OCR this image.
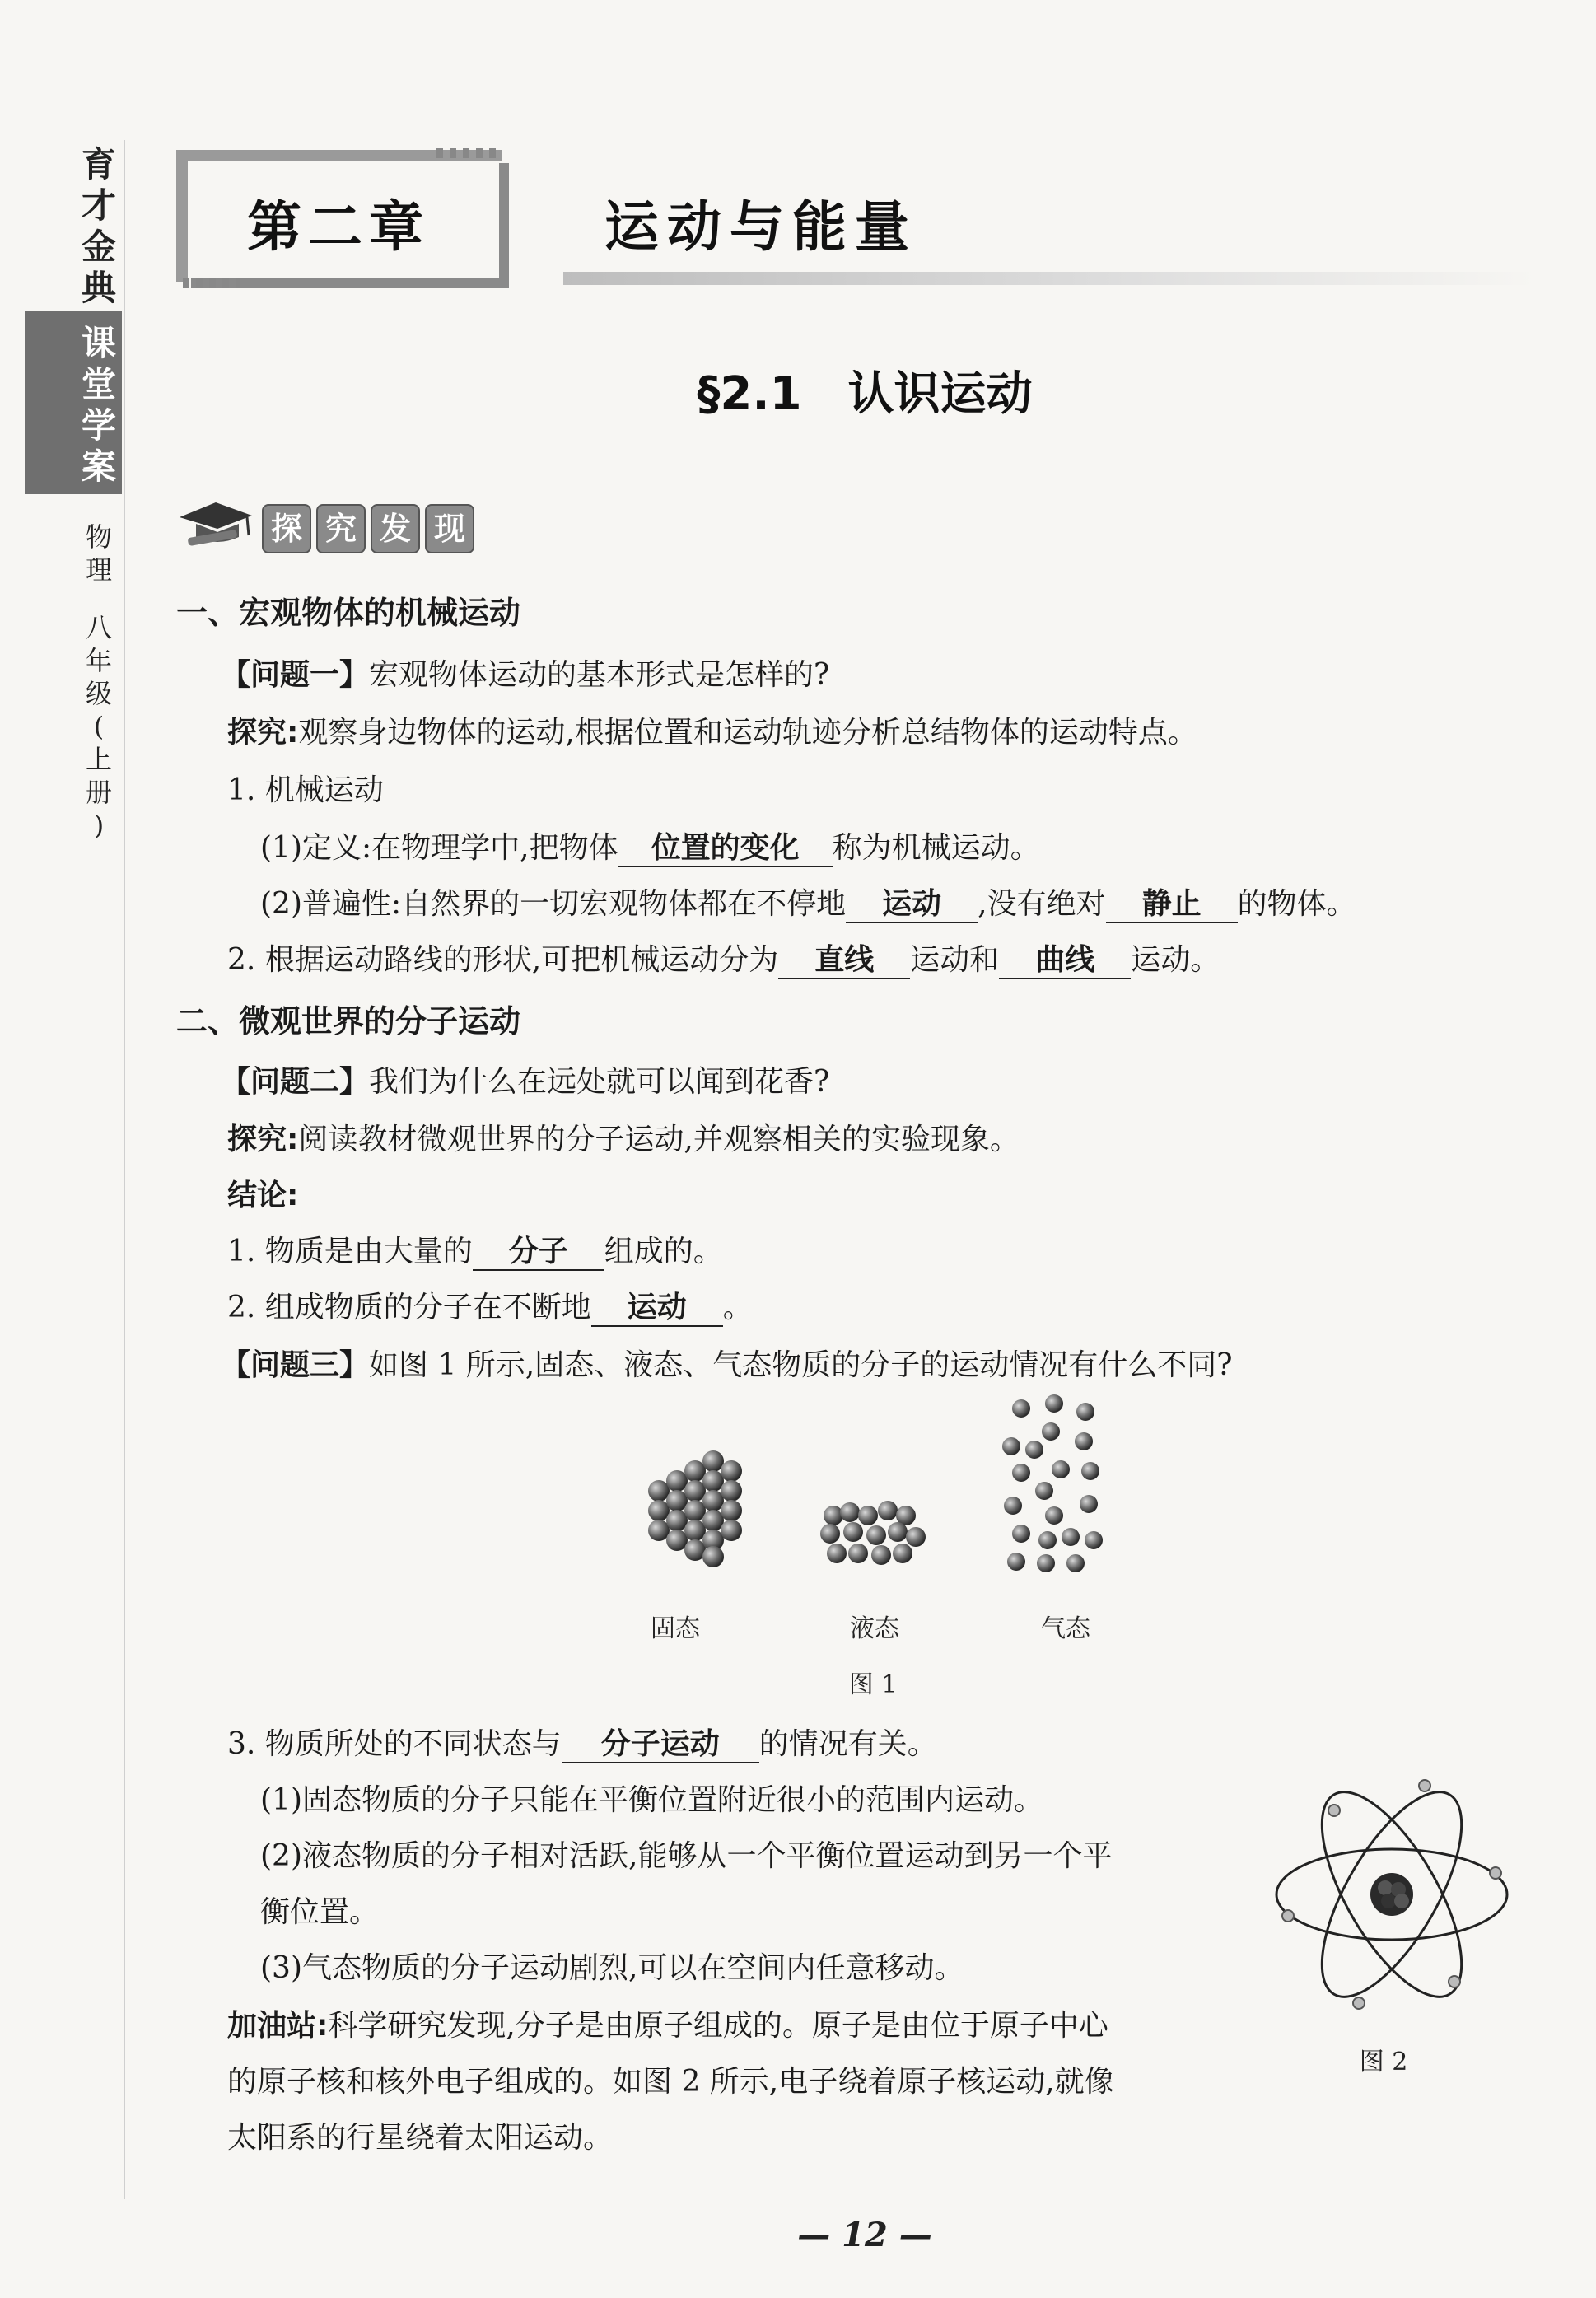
育
才
金
典
课
堂
学
案
物
理
八
年
级
(
上
册
)
第二章	运动与能量
§2.1　认识运动
探 究 发 现
一、宏观物体的机械运动
【问题一】宏观物体运动的基本形式是怎样的?
探究:观察身边物体的运动,根据位置和运动轨迹分析总结物体的运动特点。
1. 机械运动
(1)定义:在物理学中,把物体 位置的变化 称为机械运动。
(2)普遍性:自然界的一切宏观物体都在不停地 运动 ,没有绝对 静止 的物体。
2. 根据运动路线的形状,可把机械运动分为 直线 运动和 曲线 运动。
二、微观世界的分子运动
【问题二】我们为什么在远处就可以闻到花香?
探究:阅读教材微观世界的分子运动,并观察相关的实验现象。
结论:
1. 物质是由大量的 分子 组成的。
2. 组成物质的分子在不断地 运动 。
【问题三】如图 1 所示,固态、液态、气态物质的分子的运动情况有什么不同?
固态	液态	气态
图 1
3. 物质所处的不同状态与 分子运动 的情况有关。
(1)固态物质的分子只能在平衡位置附近很小的范围内运动。
(2)液态物质的分子相对活跃,能够从一个平衡位置运动到另一个平
衡位置。
(3)气态物质的分子运动剧烈,可以在空间内任意移动。
加油站:科学研究发现,分子是由原子组成的。原子是由位于原子中心
的原子核和核外电子组成的。如图 2 所示,电子绕着原子核运动,就像
太阳系的行星绕着太阳运动。
图 2
— 12 —
